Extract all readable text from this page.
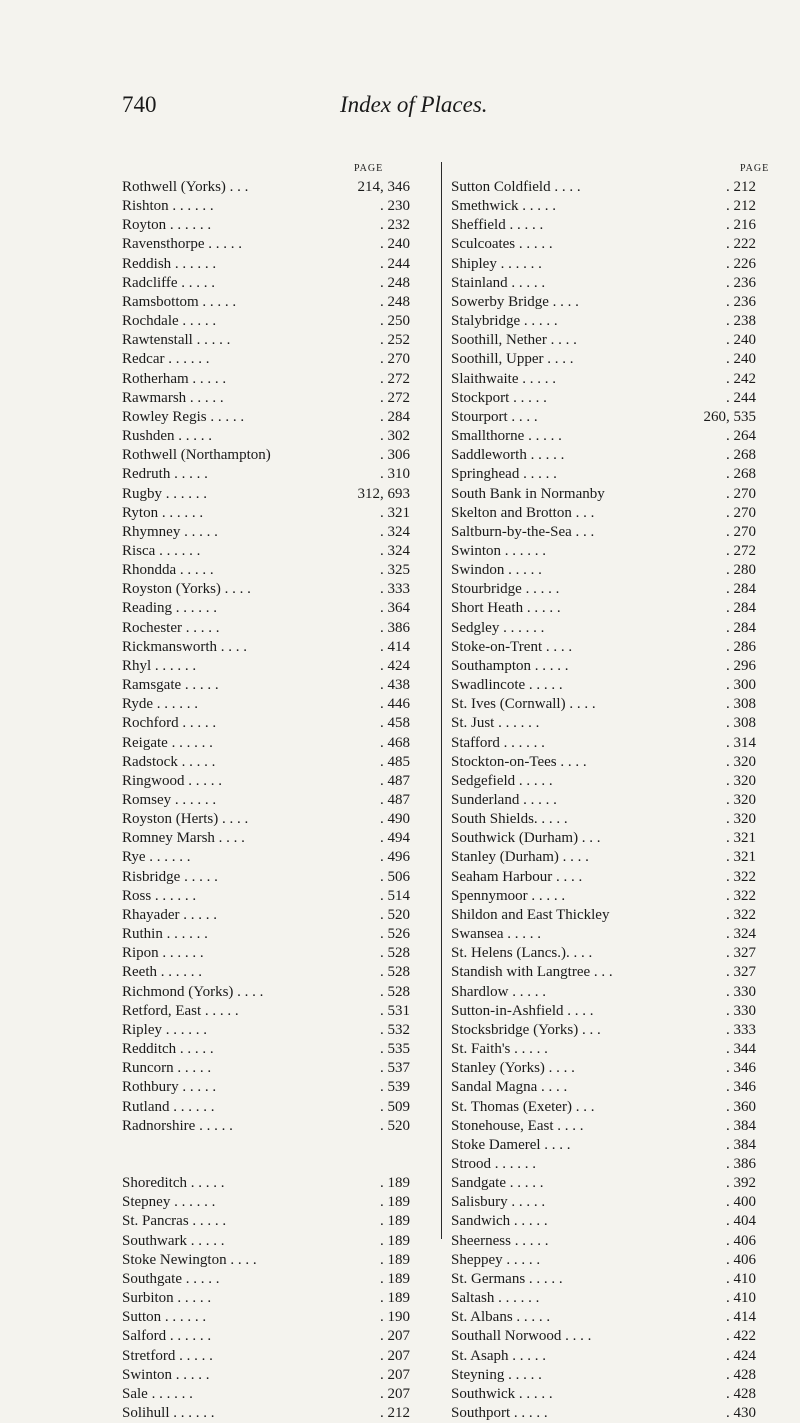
740	Index of Places.
PAGE	PAGE
Rothwell (Yorks) . . .	214, 346
Rishton . . . . . .	. 230
Royton . . . . . .	. 232
Ravensthorpe . . . . .	. 240
Reddish . . . . . .	. 244
Radcliffe . . . . .	. 248
Ramsbottom . . . . .	. 248
Rochdale . . . . .	. 250
Rawtenstall . . . . .	. 252
Redcar . . . . . .	. 270
Rotherham . . . . .	. 272
Rawmarsh . . . . .	. 272
Rowley Regis . . . . .	. 284
Rushden . . . . .	. 302
Rothwell (Northampton)	. 306
Redruth . . . . .	. 310
Rugby . . . . . .	312, 693
Ryton . . . . . .	. 321
Rhymney . . . . .	. 324
Risca . . . . . .	. 324
Rhondda . . . . .	. 325
Royston (Yorks) . . . .	. 333
Reading . . . . . .	. 364
Rochester . . . . .	. 386
Rickmansworth . . . .	. 414
Rhyl . . . . . .	. 424
Ramsgate . . . . .	. 438
Ryde . . . . . .	. 446
Rochford . . . . .	. 458
Reigate . . . . . .	. 468
Radstock . . . . .	. 485
Ringwood . . . . .	. 487
Romsey . . . . . .	. 487
Royston (Herts) . . . .	. 490
Romney Marsh . . . .	. 494
Rye . . . . . .	. 496
Risbridge . . . . .	. 506
Ross . . . . . .	. 514
Rhayader . . . . .	. 520
Ruthin . . . . . .	. 526
Ripon . . . . . .	. 528
Reeth . . . . . .	. 528
Richmond (Yorks) . . . .	. 528
Retford, East . . . . .	. 531
Ripley . . . . . .	. 532
Redditch . . . . .	. 535
Runcorn . . . . .	. 537
Rothbury . . . . .	. 539
Rutland . . . . . .	. 509
Radnorshire . . . . .	. 520
Shoreditch . . . . .	. 189
Stepney . . . . . .	. 189
St. Pancras . . . . .	. 189
Southwark . . . . .	. 189
Stoke Newington . . . .	. 189
Southgate . . . . .	. 189
Surbiton . . . . .	. 189
Sutton . . . . . .	. 190
Salford . . . . . .	. 207
Stretford . . . . .	. 207
Swinton . . . . .	. 207
Sale . . . . . .	. 207
Solihull . . . . . .	. 212
Sutton Coldfield . . . .	. 212
Smethwick . . . . .	. 212
Sheffield . . . . .	. 216
Sculcoates . . . . .	. 222
Shipley . . . . . .	. 226
Stainland . . . . .	. 236
Sowerby Bridge . . . .	. 236
Stalybridge . . . . .	. 238
Soothill, Nether . . . .	. 240
Soothill, Upper . . . .	. 240
Slaithwaite . . . . .	. 242
Stockport . . . . .	. 244
Stourport . . . .	260, 535
Smallthorne . . . . .	. 264
Saddleworth . . . . .	. 268
Springhead . . . . .	. 268
South Bank in Normanby	. 270
Skelton and Brotton . . .	. 270
Saltburn-by-the-Sea . . .	. 270
Swinton . . . . . .	. 272
Swindon . . . . .	. 280
Stourbridge . . . . .	. 284
Short Heath . . . . .	. 284
Sedgley . . . . . .	. 284
Stoke-on-Trent . . . .	. 286
Southampton . . . . .	. 296
Swadlincote . . . . .	. 300
St. Ives (Cornwall) . . . .	. 308
St. Just . . . . . .	. 308
Stafford . . . . . .	. 314
Stockton-on-Tees . . . .	. 320
Sedgefield . . . . .	. 320
Sunderland . . . . .	. 320
South Shields. . . . .	. 320
Southwick (Durham) . . .	. 321
Stanley (Durham) . . . .	. 321
Seaham Harbour . . . .	. 322
Spennymoor . . . . .	. 322
Shildon and East Thickley	. 322
Swansea . . . . .	. 324
St. Helens (Lancs.). . . .	. 327
Standish with Langtree . . .	. 327
Shardlow . . . . .	. 330
Sutton-in-Ashfield . . . .	. 330
Stocksbridge (Yorks) . . .	. 333
St. Faith's . . . . .	. 344
Stanley (Yorks) . . . .	. 346
Sandal Magna . . . .	. 346
St. Thomas (Exeter) . . .	. 360
Stonehouse, East . . . .	. 384
Stoke Damerel . . . .	. 384
Strood . . . . . .	. 386
Sandgate . . . . .	. 392
Salisbury . . . . .	. 400
Sandwich . . . . .	. 404
Sheerness . . . . .	. 406
Sheppey . . . . .	. 406
St. Germans . . . . .	. 410
Saltash . . . . . .	. 410
St. Albans . . . . .	. 414
Southall Norwood . . . .	. 422
St. Asaph . . . . .	. 424
Steyning . . . . .	. 428
Southwick . . . . .	. 428
Southport . . . . .	. 430
